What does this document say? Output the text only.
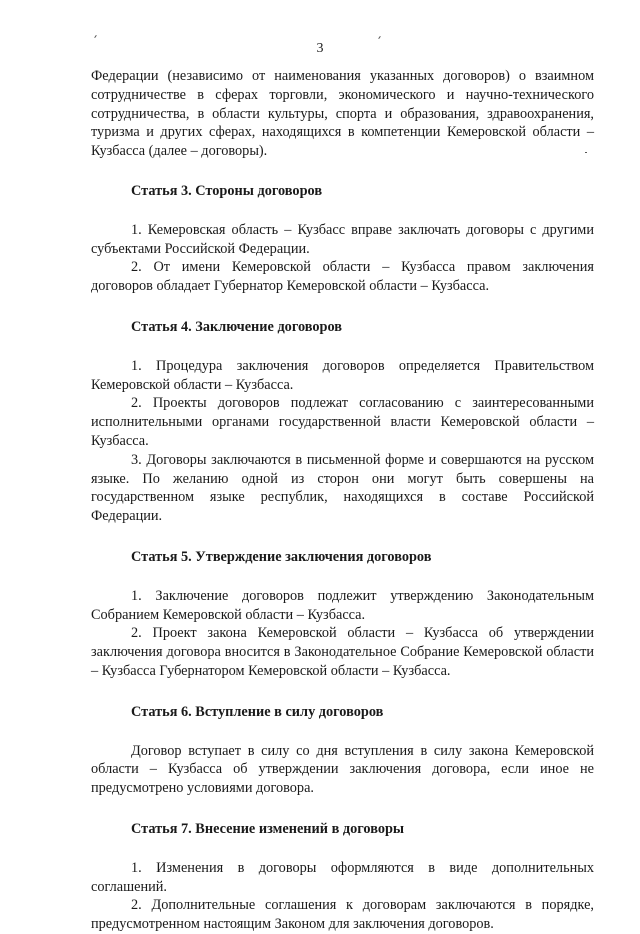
3

Федерации (независимо от наименования указанных договоров) о взаимном сотрудничестве в сферах торговли, экономического и научно-технического сотрудничества, в области культуры, спорта и образования, здравоохранения, туризма и других сферах, находящихся в компетенции Кемеровской области – Кузбасса (далее – договоры).

Статья 3. Стороны договоров

1. Кемеровская область – Кузбасс вправе заключать договоры с другими субъектами Российской Федерации.

2. От имени Кемеровской области – Кузбасса правом заключения договоров обладает Губернатор Кемеровской области – Кузбасса.

Статья 4. Заключение договоров

1. Процедура заключения договоров определяется Правительством Кемеровской области – Кузбасса.

2. Проекты договоров подлежат согласованию с заинтересованными исполнительными органами государственной власти Кемеровской области – Кузбасса.

3. Договоры заключаются в письменной форме и совершаются на русском языке. По желанию одной из сторон они могут быть совершены на государственном языке республик, находящихся в составе Российской Федерации.

Статья 5. Утверждение заключения договоров

1. Заключение договоров подлежит утверждению Законодательным Собранием Кемеровской области – Кузбасса.

2. Проект закона Кемеровской области – Кузбасса об утверждении заключения договора вносится в Законодательное Собрание Кемеровской области – Кузбасса Губернатором Кемеровской области – Кузбасса.

Статья 6. Вступление в силу договоров

Договор вступает в силу со дня вступления в силу закона Кемеровской области – Кузбасса об утверждении заключения договора, если иное не предусмотрено условиями договора.

Статья 7. Внесение изменений в договоры

1. Изменения в договоры оформляются в виде дополнительных соглашений.

2. Дополнительные соглашения к договорам заключаются в порядке, предусмотренном настоящим Законом для заключения договоров.
